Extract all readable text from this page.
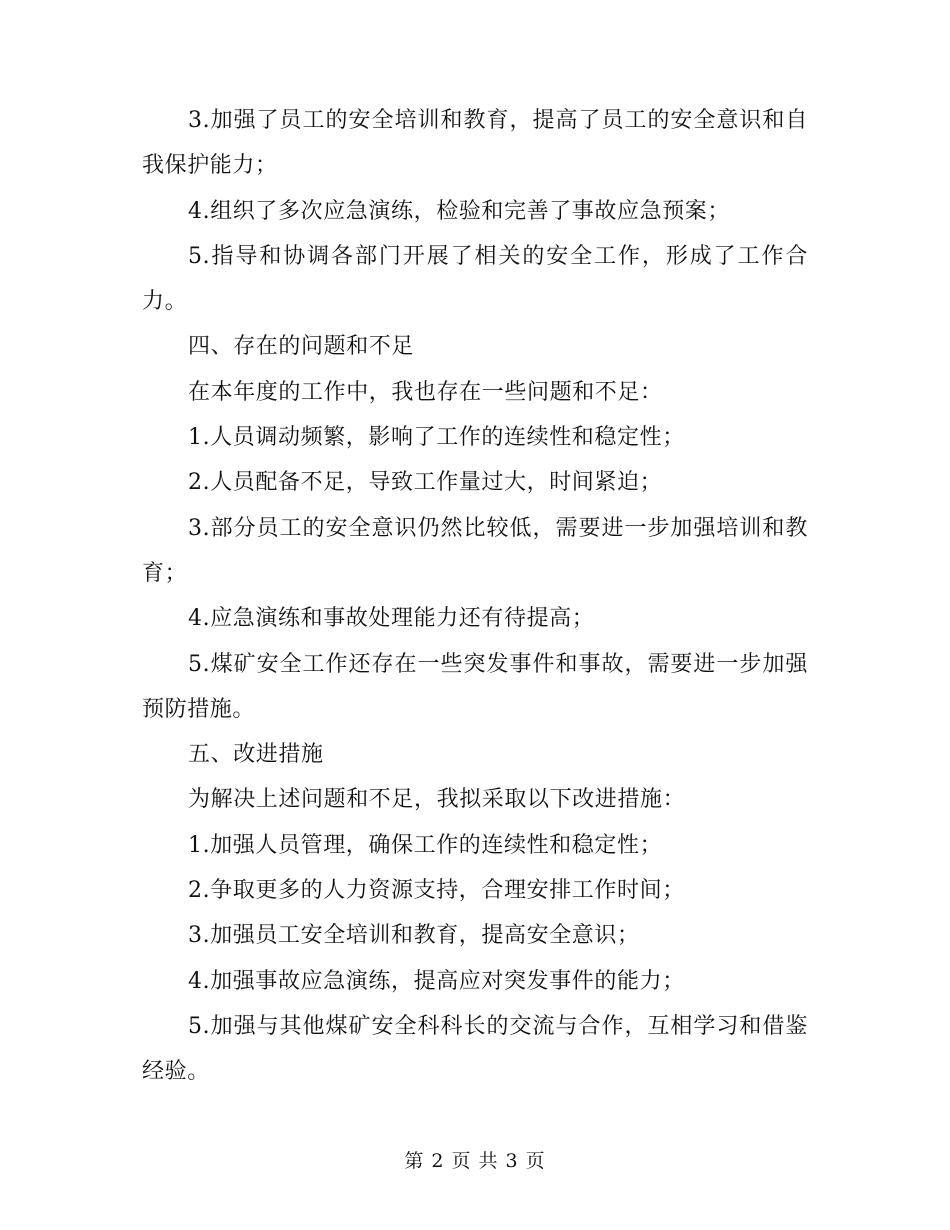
3.加强了员工的安全培训和教育，提高了员工的安全意识和自我保护能力；

4.组织了多次应急演练，检验和完善了事故应急预案；

5.指导和协调各部门开展了相关的安全工作，形成了工作合力。

四、存在的问题和不足

在本年度的工作中，我也存在一些问题和不足：

1.人员调动频繁，影响了工作的连续性和稳定性；

2.人员配备不足，导致工作量过大，时间紧迫；

3.部分员工的安全意识仍然比较低，需要进一步加强培训和教育；

4.应急演练和事故处理能力还有待提高；

5.煤矿安全工作还存在一些突发事件和事故，需要进一步加强预防措施。

五、改进措施

为解决上述问题和不足，我拟采取以下改进措施：

1.加强人员管理，确保工作的连续性和稳定性；

2.争取更多的人力资源支持，合理安排工作时间；

3.加强员工安全培训和教育，提高安全意识；

4.加强事故应急演练，提高应对突发事件的能力；

5.加强与其他煤矿安全科科长的交流与合作，互相学习和借鉴经验。

第 2 页 共 3 页
